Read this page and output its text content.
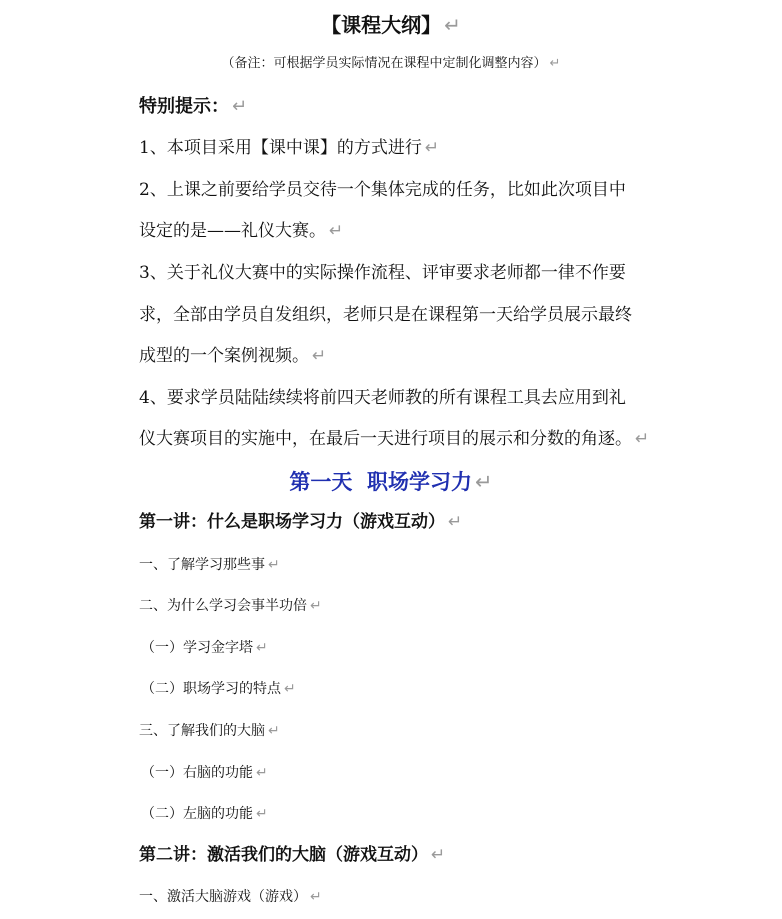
【课程大纲】 ↵
（备注：可根据学员实际情况在课程中定制化调整内容） ↵
特别提示： ↵
1、本项目采用【课中课】的方式进行 ↵
2、上课之前要给学员交待一个集体完成的任务，比如此次项目中
设定的是——礼仪大赛。 ↵
3、关于礼仪大赛中的实际操作流程、评审要求老师都一律不作要
求，全部由学员自发组织，老师只是在课程第一天给学员展示最终
成型的一个案例视频。 ↵
4、要求学员陆陆续续将前四天老师教的所有课程工具去应用到礼
仪大赛项目的实施中，在最后一天进行项目的展示和分数的角逐。 ↵
第一天  职场学习力 ↵
第一讲：什么是职场学习力（游戏互动） ↵
一、了解学习那些事 ↵
二、为什么学习会事半功倍 ↵
（一）学习金字塔 ↵
（二）职场学习的特点 ↵
三、了解我们的大脑 ↵
（一）右脑的功能 ↵
（二）左脑的功能 ↵
第二讲：激活我们的大脑（游戏互动） ↵
一、激活大脑游戏（游戏） ↵
